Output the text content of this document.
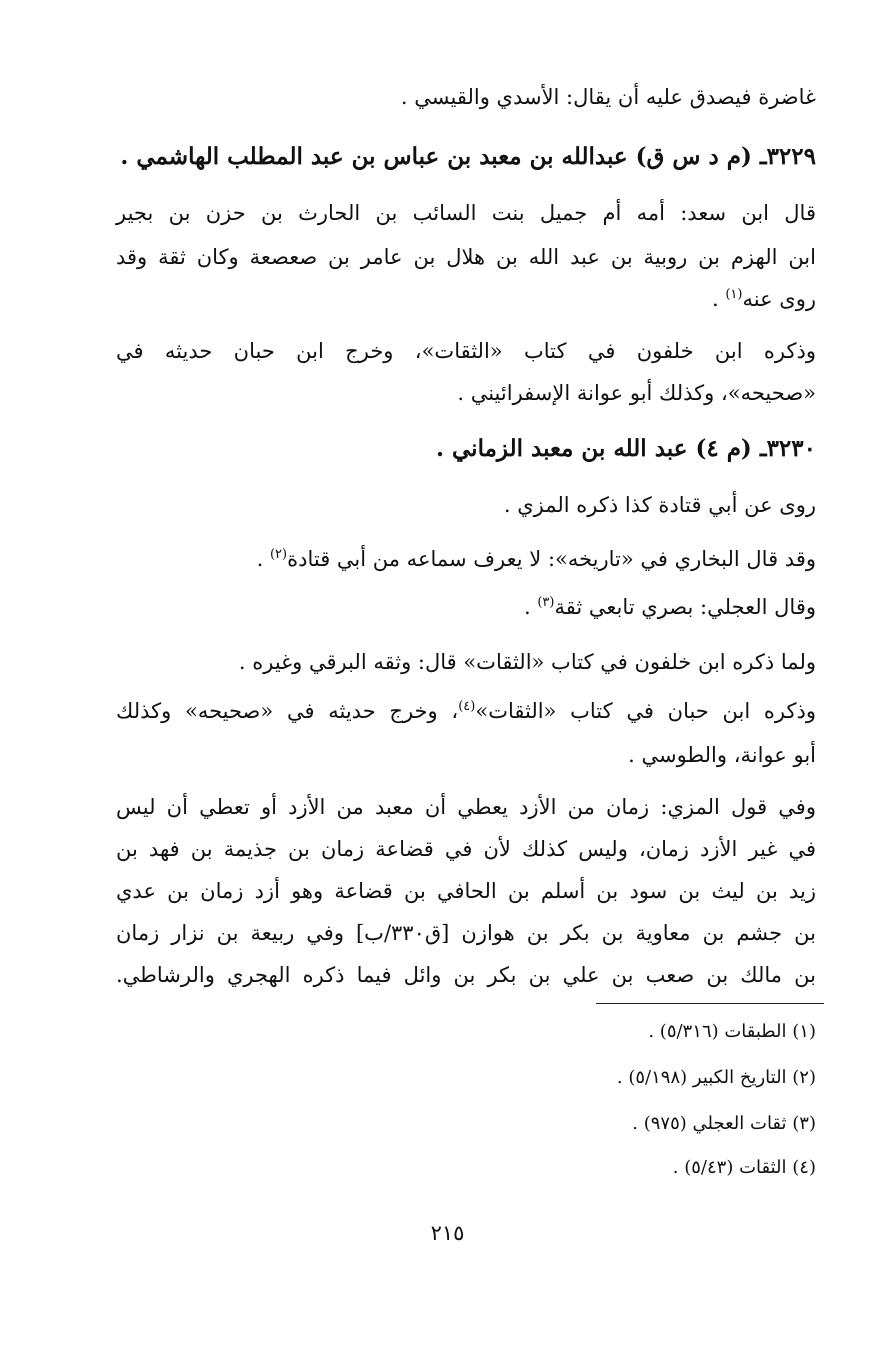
غاضرة فيصدق عليه أن يقال: الأسدي والقيسي .
٣٢٢٩ـ (م د س ق) عبدالله بن معبد بن عباس بن عبد المطلب الهاشمي .
قال ابن سعد: أمه أم جميل بنت السائب بن الحارث بن حزن بن بجير
ابن الهزم بن روبية بن عبد الله بن هلال بن عامر بن صعصعة وكان ثقة وقد
روى عنه$^{(١)}$ .
وذكره ابن خلفون في كتاب «الثقات»، وخرج ابن حبان حديثه في
«صحيحه»، وكذلك أبو عوانة الإسفرائيني .
٣٢٣٠ـ (م ٤) عبد الله بن معبد الزماني .
روى عن أبي قتادة كذا ذكره المزي .
وقد قال البخاري في «تاريخه»: لا يعرف سماعه من أبي قتادة$^{(٢)}$ .
وقال العجلي: بصري تابعي ثقة$^{(٣)}$ .
ولما ذكره ابن خلفون في كتاب «الثقات» قال: وثقه البرقي وغيره .
وذكره ابن حبان في كتاب «الثقات»$^{(٤)}$، وخرج حديثه في «صحيحه» وكذلك
أبو عوانة، والطوسي .
وفي قول المزي: زمان من الأزد يعطي أن معبد من الأزد أو تعطي أن ليس
في غير الأزد زمان، وليس كذلك لأن في قضاعة زمان بن جذيمة بن فهد بن
زيد بن ليث بن سود بن أسلم بن الحافي بن قضاعة وهو أزد زمان بن عدي
بن جشم بن معاوية بن بكر بن هوازن [ق٣٣٠/ب] وفي ربيعة بن نزار زمان
بن مالك بن صعب بن علي بن بكر بن وائل فيما ذكره الهجري والرشاطي.
(١) الطبقات (٥/٣١٦) .
(٢) التاريخ الكبير (٥/١٩٨) .
(٣) ثقات العجلي (٩٧٥) .
(٤) الثقات (٥/٤٣) .
٢١٥
